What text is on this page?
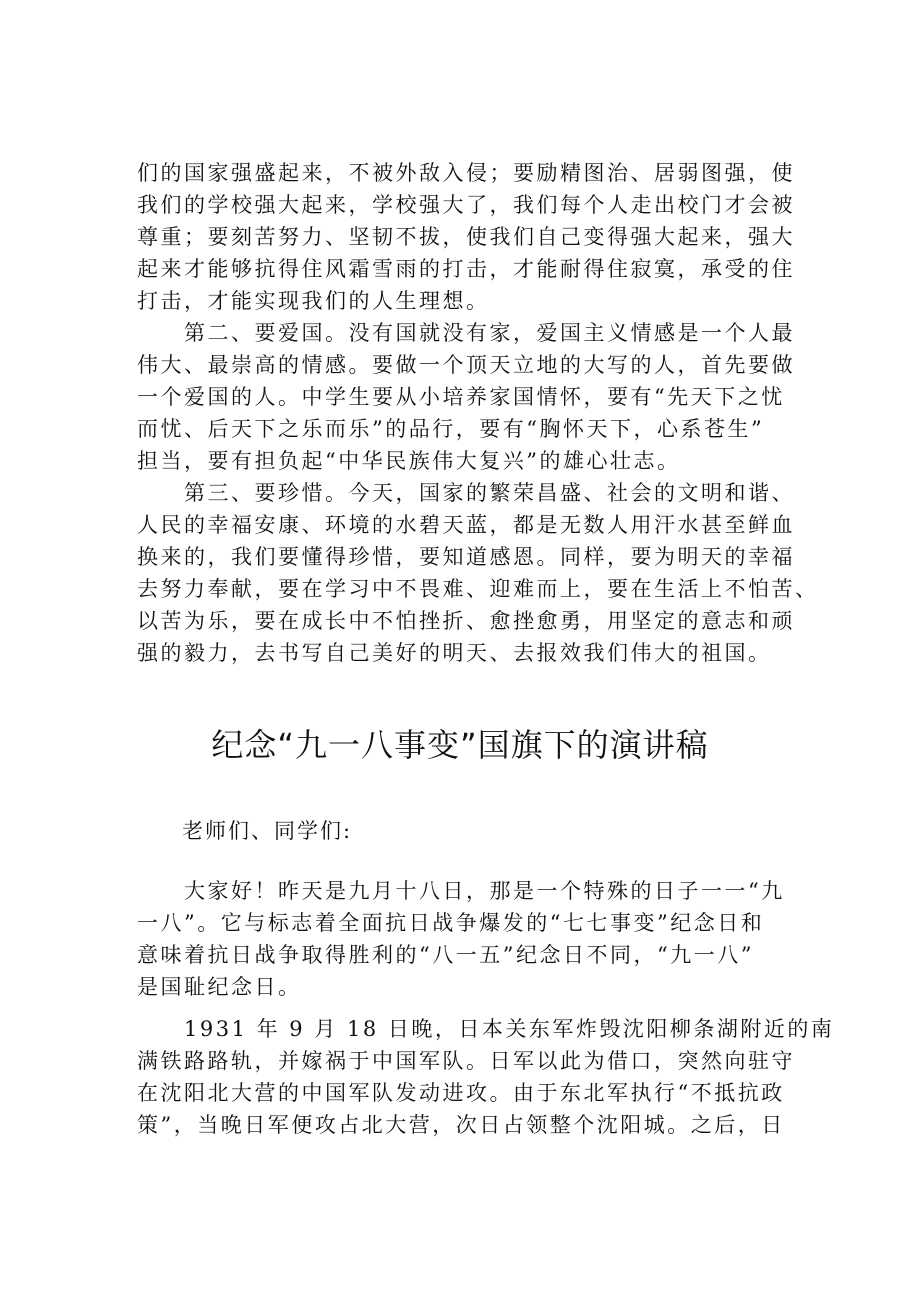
们的国家强盛起来，不被外敌入侵；要励精图治、居弱图强，使
我们的学校强大起来，学校强大了，我们每个人走出校门才会被
尊重；要刻苦努力、坚韧不拔，使我们自己变得强大起来，强大
起来才能够抗得住风霜雪雨的打击，才能耐得住寂寞，承受的住
打击，才能实现我们的人生理想。
　　第二、要爱国。没有国就没有家，爱国主义情感是一个人最
伟大、最崇高的情感。要做一个顶天立地的大写的人，首先要做
一个爱国的人。中学生要从小培养家国情怀，要有“先天下之忧
而忧、后天下之乐而乐”的品行，要有“胸怀天下，心系苍生”
担当，要有担负起“中华民族伟大复兴”的雄心壮志。
　　第三、要珍惜。今天，国家的繁荣昌盛、社会的文明和谐、
人民的幸福安康、环境的水碧天蓝，都是无数人用汗水甚至鲜血
换来的，我们要懂得珍惜，要知道感恩。同样，要为明天的幸福
去努力奉献，要在学习中不畏难、迎难而上，要在生活上不怕苦、
以苦为乐，要在成长中不怕挫折、愈挫愈勇，用坚定的意志和顽
强的毅力，去书写自己美好的明天、去报效我们伟大的祖国。
纪念“九一八事变”国旗下的演讲稿
老师们、同学们:
　　大家好！昨天是九月十八日，那是一个特殊的日子一一“九
一八”。它与标志着全面抗日战争爆发的“七七事变”纪念日和
意味着抗日战争取得胜利的“八一五”纪念日不同，“九一八”
是国耻纪念日。
　　1931 年 9 月 18 日晚，日本关东军炸毁沈阳柳条湖附近的南
满铁路路轨，并嫁祸于中国军队。日军以此为借口，突然向驻守
在沈阳北大营的中国军队发动进攻。由于东北军执行“不抵抗政
策”，当晚日军便攻占北大营，次日占领整个沈阳城。之后，日
